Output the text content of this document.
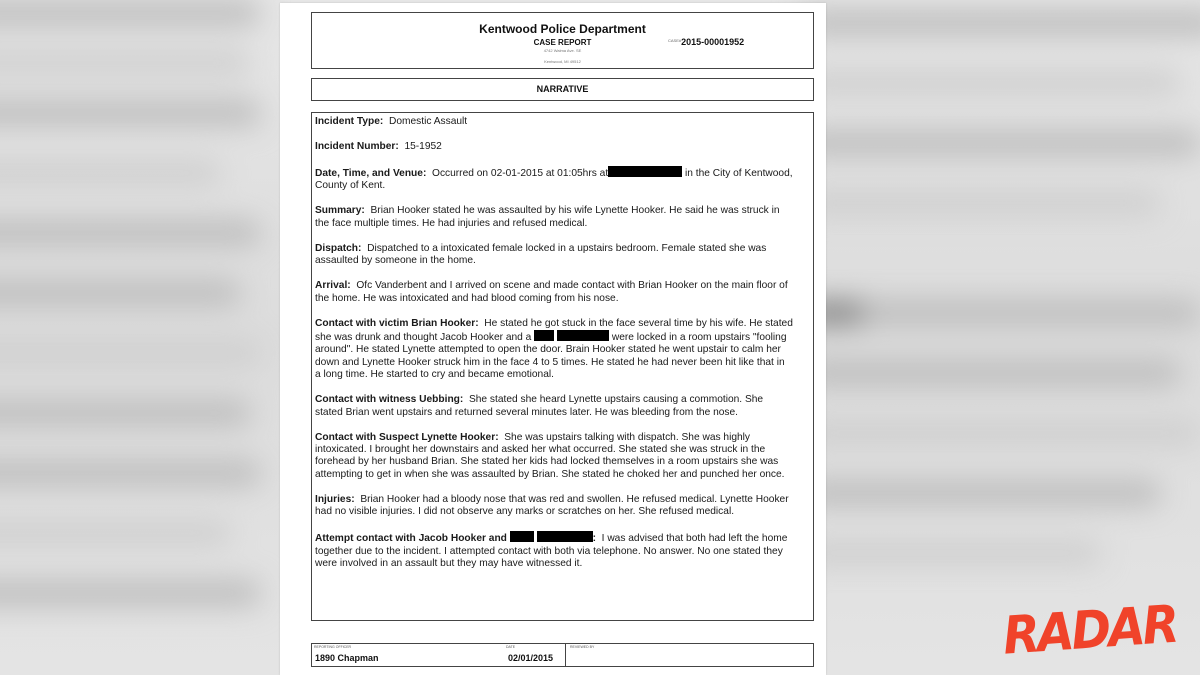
Kentwood Police Department
CASE REPORT
4742 Walma Ave. SE
Kentwood, MI 49512
$^{CASE\#}$2015-00001952
NARRATIVE

Incident Type: Domestic Assault

Incident Number: 15-1952

Date, Time, and Venue: Occurred on 02-01-2015 at 01:05hrs at	in the City of Kentwood, County of Kent.

Summary: Brian Hooker stated he was assaulted by his wife Lynette Hooker. He said he was struck in the face multiple times. He had injuries and refused medical.

Dispatch: Dispatched to a intoxicated female locked in a upstairs bedroom. Female stated she was assaulted by someone in the home.

Arrival: Ofc Vanderbent and I arrived on scene and made contact with Brian Hooker on the main floor of the home. He was intoxicated and had blood coming from his nose.

Contact with victim Brian Hooker: He stated he got stuck in the face several time by his wife. He stated she was drunk and thought Jacob Hooker and a	were locked in a room upstairs "fooling around". He stated Lynette attempted to open the door. Brain Hooker stated he went upstair to calm her down and Lynette Hooker struck him in the face 4 to 5 times. He stated he had never been hit like that in a long time. He started to cry and became emotional.

Contact with witness Uebbing: She stated she heard Lynette upstairs causing a commotion. She stated Brian went upstairs and returned several minutes later. He was bleeding from the nose.

Contact with Suspect Lynette Hooker: She was upstairs talking with dispatch. She was highly intoxicated. I brought her downstairs and asked her what occurred. She stated she was struck in the forehead by her husband Brian. She stated her kids had locked themselves in a room upstairs she was attempting to get in when she was assaulted by Brian. She stated he choked her and punched her once.

Injuries: Brian Hooker had a bloody nose that was red and swollen. He refused medical. Lynette Hooker had no visible injuries. I did not observe any marks or scratches on her. She refused medical.

Attempt contact with Jacob Hooker and	: I was advised that both had left the home together due to the incident. I attempted contact with both via telephone. No answer. No one stated they were involved in an assault but they may have witnessed it.

REPORTING OFFICER	DATE
1890 Chapman	02/01/2015
REVIEWED BY	RADAR
